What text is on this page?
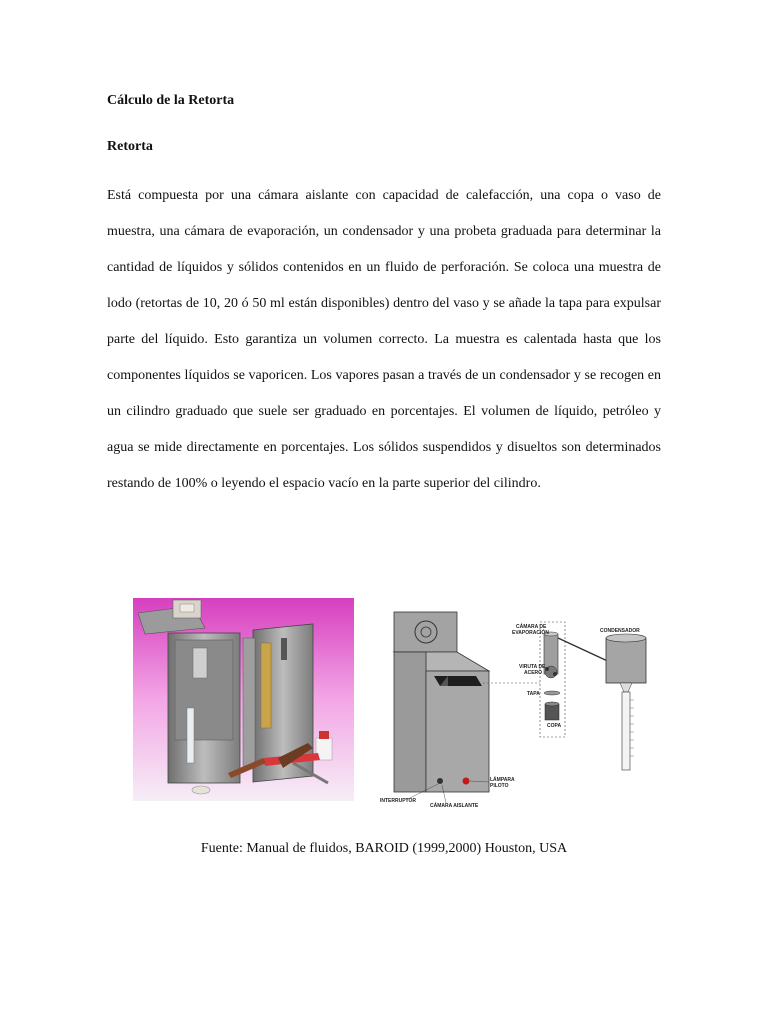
Cálculo de la Retorta
Retorta
Está compuesta por una cámara aislante con capacidad de calefacción, una copa o vaso de muestra, una cámara de evaporación, un condensador y una probeta graduada para determinar la cantidad de líquidos y sólidos contenidos en un fluido de perforación. Se coloca una muestra de lodo (retortas de 10, 20 ó 50 ml están disponibles) dentro del vaso y se añade la tapa para expulsar parte del líquido. Esto garantiza un volumen correcto. La muestra es calentada hasta que los componentes líquidos se vaporicen. Los vapores pasan a través de un condensador y se recogen en un cilindro graduado que suele ser graduado en porcentajes. El volumen de líquido, petróleo y agua se mide directamente en porcentajes. Los sólidos suspendidos y disueltos son determinados restando de 100% o leyendo el espacio vacío en la parte superior del cilindro.
CÁMARA DE
EVAPORACIÓN	CONDENSADOR
VIRUTA DE
ACERO
TAPA
COPA
LÁMPARA
PILOTO
INTERRUPTOR
CÁMARA AISLANTE
Fuente: Manual de fluidos, BAROID (1999,2000) Houston, USA
